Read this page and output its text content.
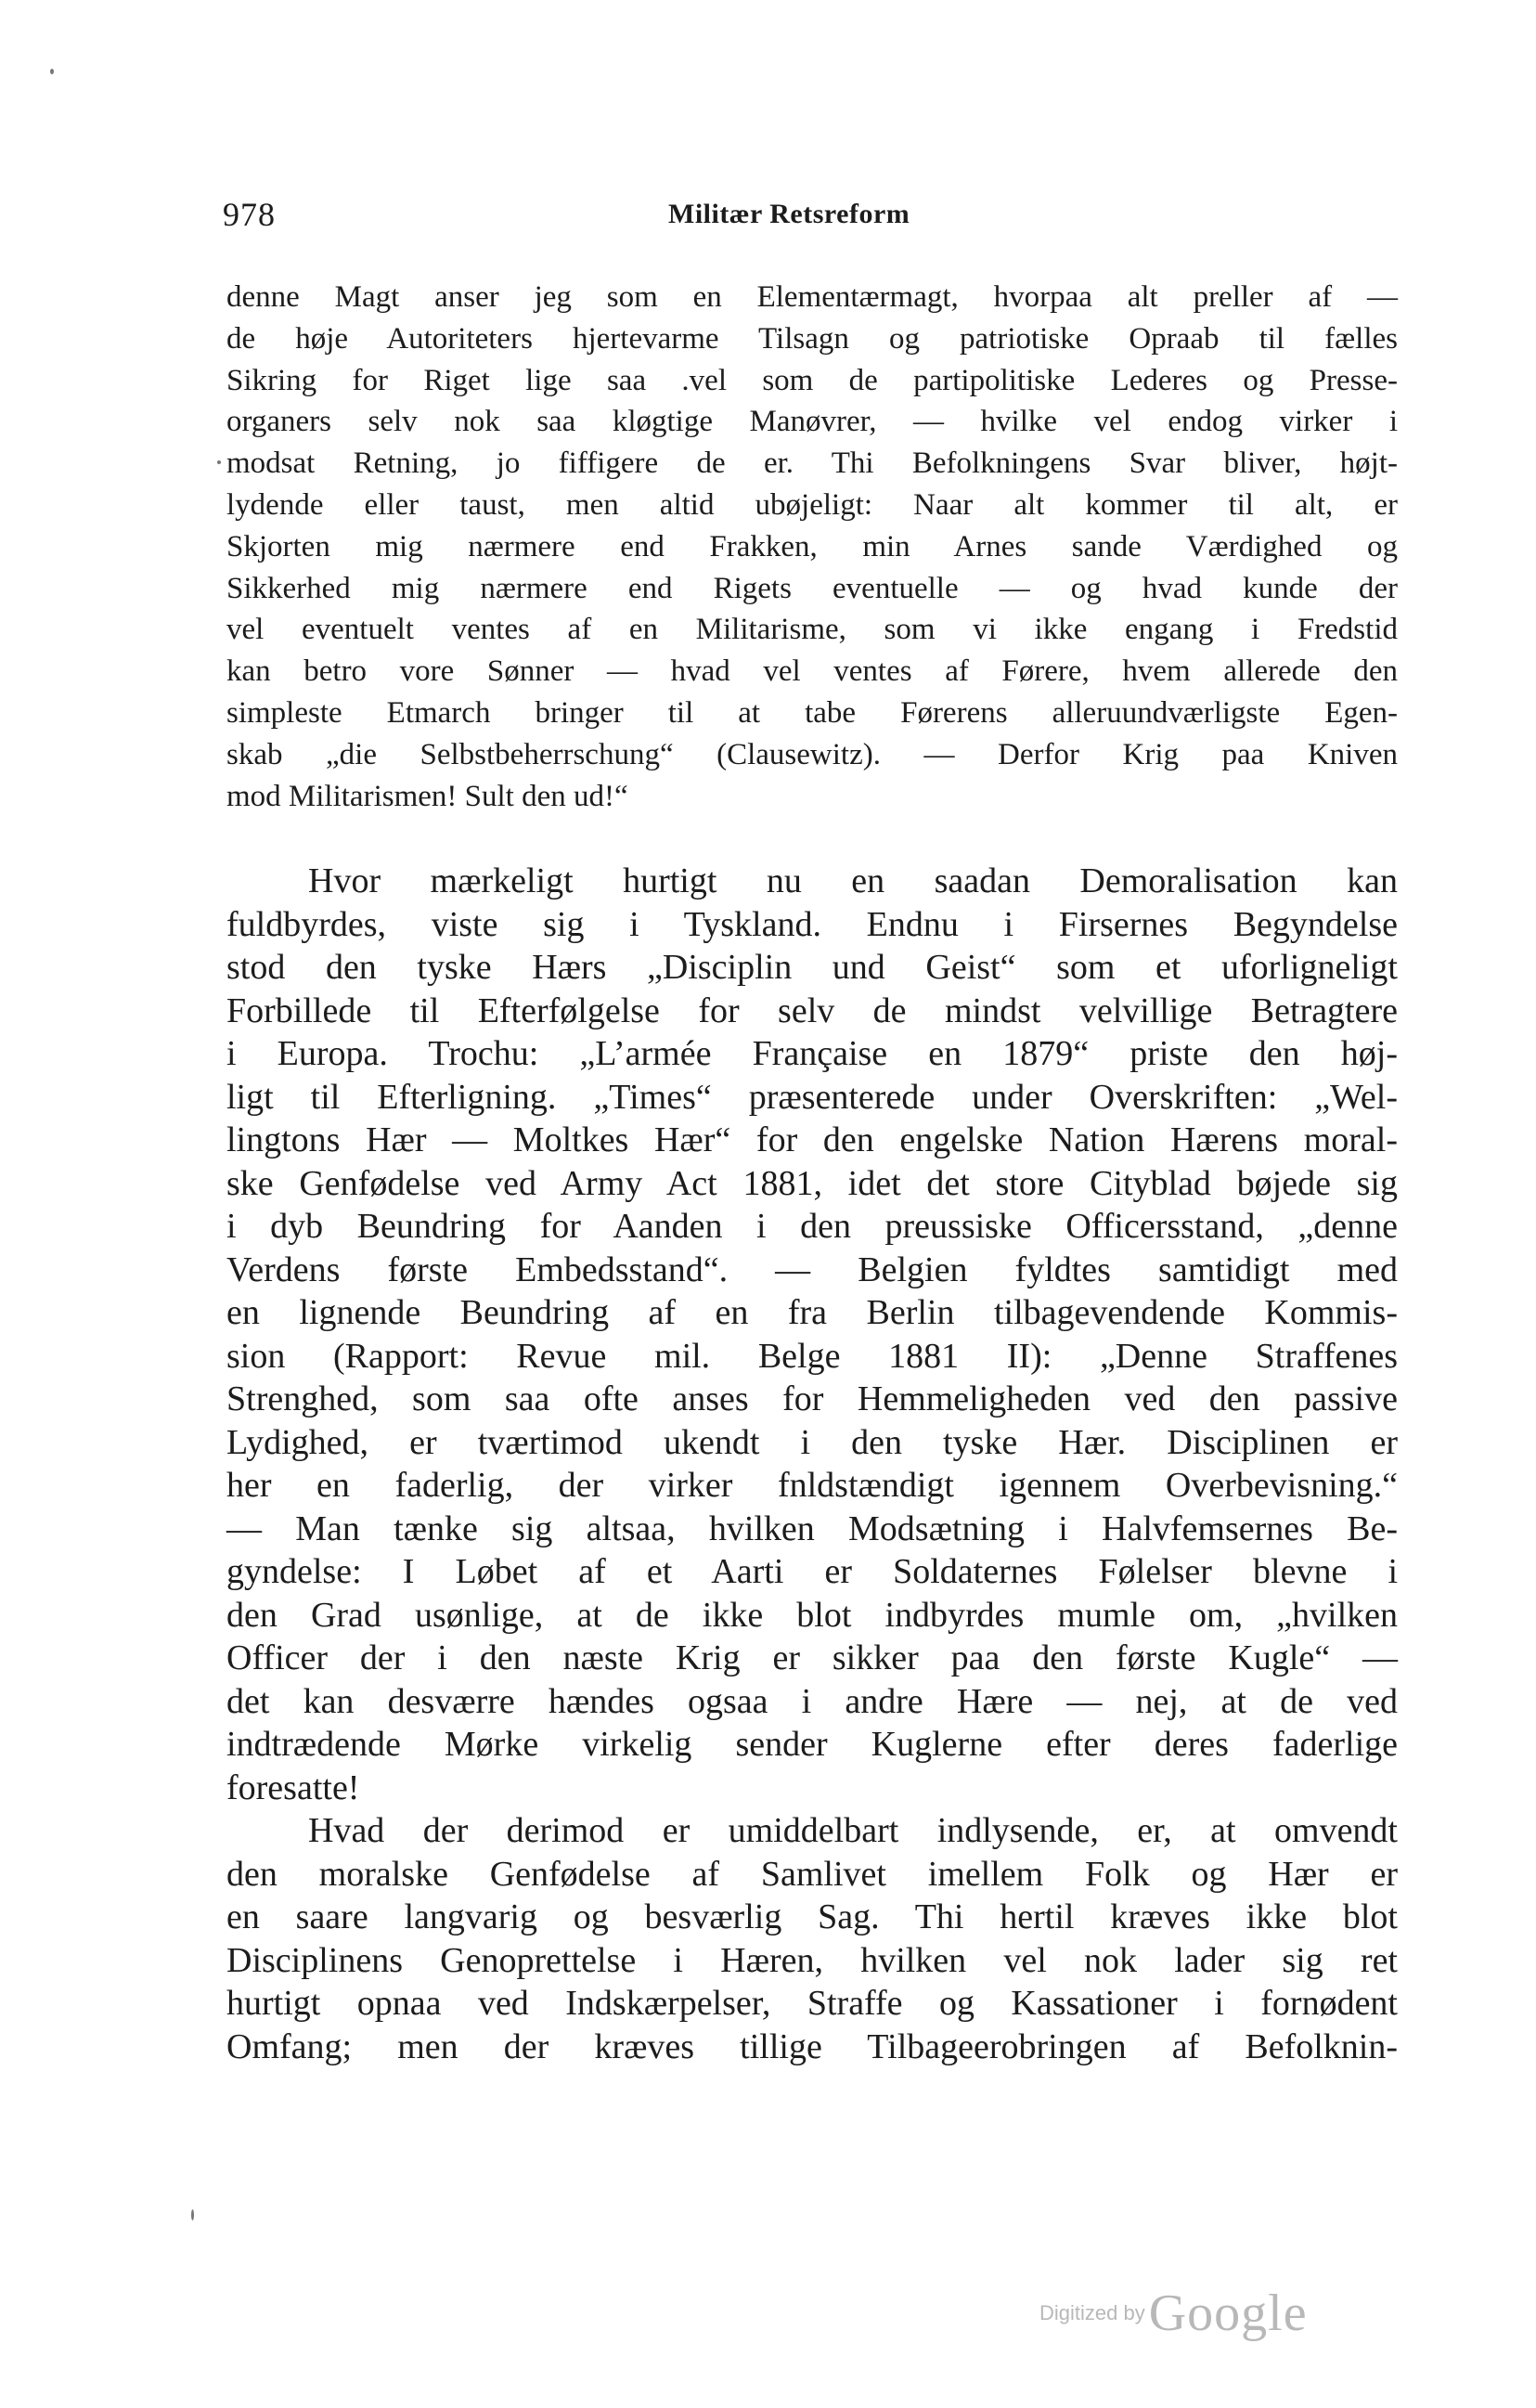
978	Militær Retsreform
denne Magt anser jeg som en Elementærmagt, hvorpaa alt preller af —
de høje Autoriteters hjertevarme Tilsagn og patriotiske Opraab til fælles
Sikring for Riget lige saa .vel som de partipolitiske Lederes og Presse-
organers selv nok saa kløgtige Manøvrer, — hvilke vel endog virker i
modsat Retning, jo fiffigere de er. Thi Befolkningens Svar bliver, højt-
lydende eller taust, men altid ubøjeligt: Naar alt kommer til alt, er
Skjorten mig nærmere end Frakken, min Arnes sande Værdighed og
Sikkerhed mig nærmere end Rigets eventuelle — og hvad kunde der
vel eventuelt ventes af en Militarisme, som vi ikke engang i Fredstid
kan betro vore Sønner — hvad vel ventes af Førere, hvem allerede den
simpleste Etmarch bringer til at tabe Førerens alleruundværligste Egen-
skab „die Selbstbeherrschung“ (Clausewitz). — Derfor Krig paa Kniven
mod Militarismen! Sult den ud!“
Hvor mærkeligt hurtigt nu en saadan Demoralisation kan
fuldbyrdes, viste sig i Tyskland. Endnu i Firsernes Begyndelse
stod den tyske Hærs „Disciplin und Geist“ som et uforligneligt
Forbillede til Efterfølgelse for selv de mindst velvillige Betragtere
i Europa. Trochu: „L’armée Française en 1879“ priste den høj-
ligt til Efterligning. „Times“ præsenterede under Overskriften: „Wel-
lingtons Hær — Moltkes Hær“ for den engelske Nation Hærens moral-
ske Genfødelse ved Army Act 1881, idet det store Cityblad bøjede sig
i dyb Beundring for Aanden i den preussiske Officersstand, „denne
Verdens første Embedsstand“. — Belgien fyldtes samtidigt med
en lignende Beundring af en fra Berlin tilbagevendende Kommis-
sion (Rapport: Revue mil. Belge 1881 II): „Denne Straffenes
Strenghed, som saa ofte anses for Hemmeligheden ved den passive
Lydighed, er tværtimod ukendt i den tyske Hær. Disciplinen er
her en faderlig, der virker fnldstændigt igennem Overbevisning.“
— Man tænke sig altsaa, hvilken Modsætning i Halvfemsernes Be-
gyndelse: I Løbet af et Aarti er Soldaternes Følelser blevne i
den Grad usønlige, at de ikke blot indbyrdes mumle om, „hvilken
Officer der i den næste Krig er sikker paa den første Kugle“ —
det kan desværre hændes ogsaa i andre Hære — nej, at de ved
indtrædende Mørke virkelig sender Kuglerne efter deres faderlige
foresatte!
Hvad der derimod er umiddelbart indlysende, er, at omvendt
den moralske Genfødelse af Samlivet imellem Folk og Hær er
en saare langvarig og besværlig Sag. Thi hertil kræves ikke blot
Disciplinens Genoprettelse i Hæren, hvilken vel nok lader sig ret
hurtigt opnaa ved Indskærpelser, Straffe og Kassationer i fornødent
Omfang; men der kræves tillige Tilbageerobringen af Befolknin-
Digitized by Google
